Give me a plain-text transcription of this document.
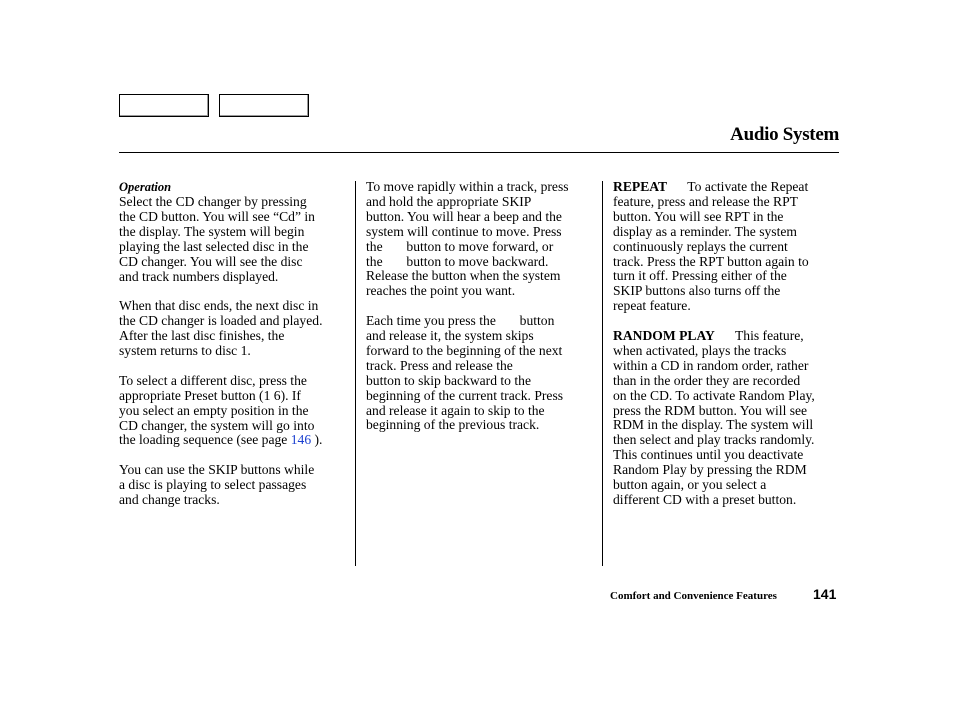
Audio System
Operation

Select the CD changer by pressing
the CD button. You will see “Cd” in
the display. The system will begin
playing the last selected disc in the
CD changer. You will see the disc
and track numbers displayed.

When that disc ends, the next disc in
the CD changer is loaded and played.
After the last disc finishes, the
system returns to disc 1.

To select a different disc, press the
appropriate Preset button (1 6). If
you select an empty position in the
CD changer, the system will go into
the loading sequence (see page 146 ).

You can use the SKIP buttons while
a disc is playing to select passages
and change tracks.

To move rapidly within a track, press
and hold the appropriate SKIP
button. You will hear a beep and the
system will continue to move. Press
the       button to move forward, or
the       button to move backward.
Release the button when the system
reaches the point you want.

Each time you press the       button
and release it, the system skips
forward to the beginning of the next
track. Press and release the
button to skip backward to the
beginning of the current track. Press
and release it again to skip to the
beginning of the previous track.

REPEAT      To activate the Repeat
feature, press and release the RPT
button. You will see RPT in the
display as a reminder. The system
continuously replays the current
track. Press the RPT button again to
turn it off. Pressing either of the
SKIP buttons also turns off the
repeat feature.

RANDOM PLAY      This feature,
when activated, plays the tracks
within a CD in random order, rather
than in the order they are recorded
on the CD. To activate Random Play,
press the RDM button. You will see
RDM in the display. The system will
then select and play tracks randomly.
This continues until you deactivate
Random Play by pressing the RDM
button again, or you select a
different CD with a preset button.

Comfort and Convenience Features	141
